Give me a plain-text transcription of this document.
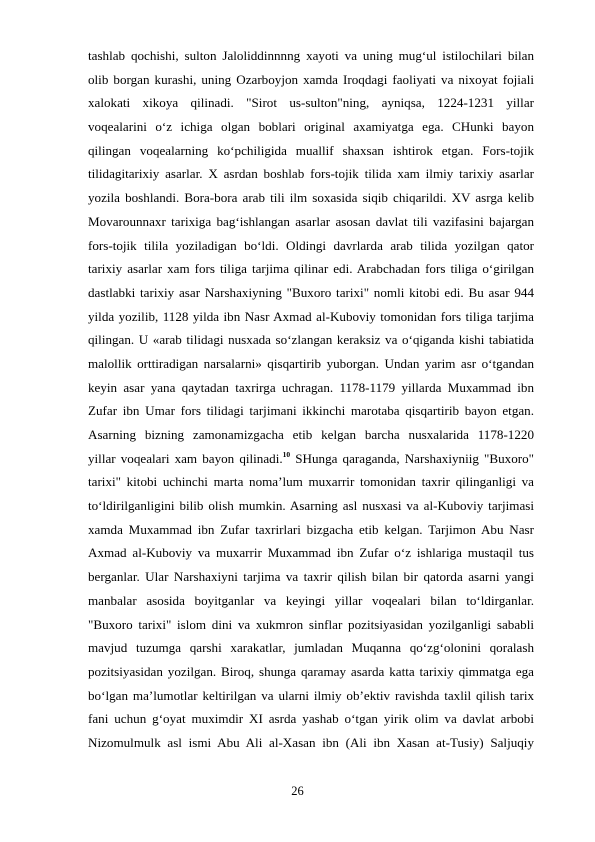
tashlab qochishi, sulton Jaloliddinnnng xayoti va uning mug‘ul istilochilari bilan
olib borgan kurashi, uning Ozarboyjon xamda Iroqdagi faoliyati va nixoyat fojiali
xalokati xikoya qilinadi. "Sirot us-sulton"ning, ayniqsa, 1224-1231 yillar
voqealarini o‘z ichiga olgan boblari original axamiyatga ega. CHunki bayon
qilingan voqealarning ko‘pchiligida muallif shaxsan ishtirok etgan. Fors-tojik
tilidagitarixiy asarlar. X asrdan boshlab fors-tojik tilida xam ilmiy tarixiy asarlar
yozila boshlandi. Bora-bora arab tili ilm soxasida siqib chiqarildi. XV asrga kelib
Movarounnaxr tarixiga bag‘ishlangan asarlar asosan davlat tili vazifasini bajargan
fors-tojik tilila yoziladigan bo‘ldi. Oldingi davrlarda arab tilida yozilgan qator
tarixiy asarlar xam fors tiliga tarjima qilinar edi. Arabchadan fors tiliga o‘girilgan
dastlabki tarixiy asar Narshaxiyning "Buxoro tarixi" nomli kitobi edi. Bu asar 944
yilda yozilib, 1128 yilda ibn Nasr Axmad al-Kuboviy tomonidan fors tiliga tarjima
qilingan. U «arab tilidagi nusxada so‘zlangan keraksiz va o‘qiganda kishi tabiatida
malollik orttiradigan narsalarni» qisqartirib yuborgan. Undan yarim asr o‘tgandan
keyin asar yana qaytadan taxrirga uchragan. 1178-1179 yillarda Muxammad ibn
Zufar ibn Umar fors tilidagi tarjimani ikkinchi marotaba qisqartirib bayon etgan.
Asarning bizning zamonamizgacha etib kelgan barcha nusxalarida 1178-1220
yillar voqealari xam bayon qilinadi.$^{10}$ SHunga qaraganda, Narshaxiyniig "Buxoro"
tarixi" kitobi uchinchi marta noma’lum muxarrir tomonidan taxrir qilinganligi va
to‘ldirilganligini bilib olish mumkin. Asarning asl nusxasi va al-Kuboviy tarjimasi
xamda Muxammad ibn Zufar taxrirlari bizgacha etib kelgan. Tarjimon Abu Nasr
Axmad al-Kuboviy va muxarrir Muxammad ibn Zufar o‘z ishlariga mustaqil tus
berganlar. Ular Narshaxiyni tarjima va taxrir qilish bilan bir qatorda asarni yangi
manbalar asosida boyitganlar va keyingi yillar voqealari bilan to‘ldirganlar.
"Buxoro tarixi" islom dini va xukmron sinflar pozitsiyasidan yozilganligi sababli
mavjud tuzumga qarshi xarakatlar, jumladan Muqanna qo‘zg‘olonini qoralash
pozitsiyasidan yozilgan. Biroq, shunga qaramay asarda katta tarixiy qimmatga ega
bo‘lgan ma’lumotlar keltirilgan va ularni ilmiy ob’ektiv ravishda taxlil qilish tarix
fani uchun g‘oyat muximdir XI asrda yashab o‘tgan yirik olim va davlat arbobi
Nizomulmulk asl ismi Abu Ali al-Xasan ibn (Ali ibn Xasan at-Tusiy) Saljuqiy
26
